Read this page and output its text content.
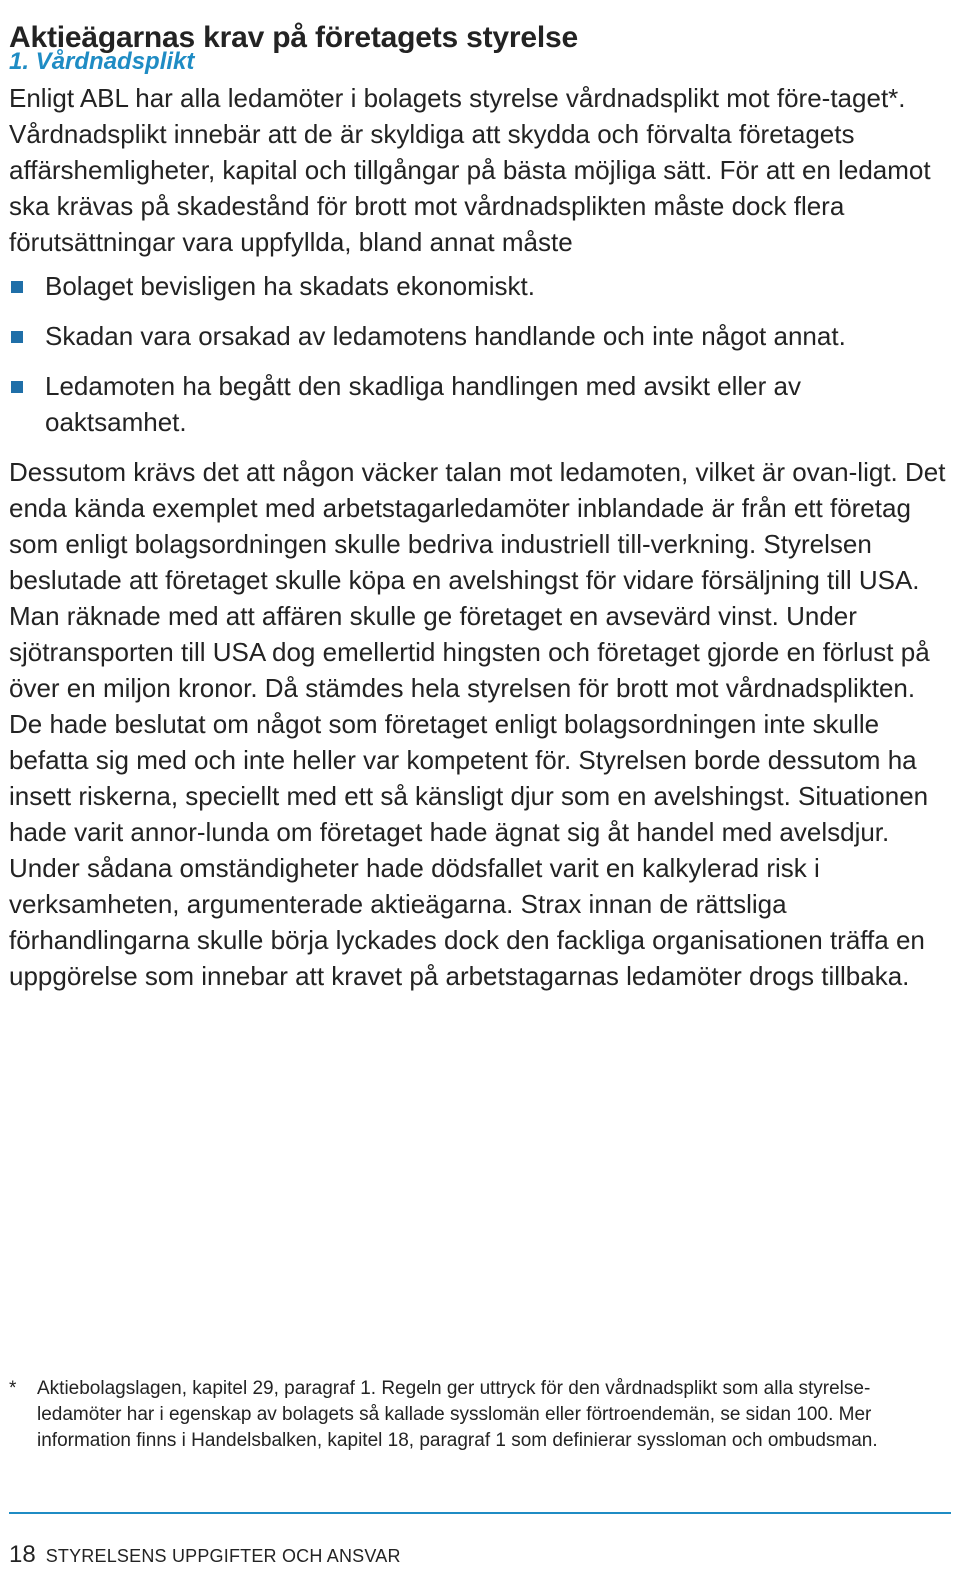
Aktieägarnas krav på företagets styrelse
1. Vårdnadsplikt
Enligt ABL har alla ledamöter i bolagets styrelse vårdnadsplikt mot före-taget*. Vårdnadsplikt innebär att de är skyldiga att skydda och förvalta företagets affärshemligheter, kapital och tillgångar på bästa möjliga sätt. För att en ledamot ska krävas på skadestånd för brott mot vårdnadsplikten måste dock flera förutsättningar vara uppfyllda, bland annat måste
Bolaget bevisligen ha skadats ekonomiskt.
Skadan vara orsakad av ledamotens handlande och inte något annat.
Ledamoten ha begått den skadliga handlingen med avsikt eller av oaktsamhet.
Dessutom krävs det att någon väcker talan mot ledamoten, vilket är ovan-ligt. Det enda kända exemplet med arbetstagarledamöter inblandade är från ett företag som enligt bolagsordningen skulle bedriva industriell till-verkning. Styrelsen beslutade att företaget skulle köpa en avelshingst för vidare försäljning till USA. Man räknade med att affären skulle ge företaget en avsevärd vinst. Under sjötransporten till USA dog emellertid hingsten och företaget gjorde en förlust på över en miljon kronor. Då stämdes hela styrelsen för brott mot vårdnadsplikten. De hade beslutat om något som företaget enligt bolagsordningen inte skulle befatta sig med och inte heller var kompetent för. Styrelsen borde dessutom ha insett riskerna, speciellt med ett så känsligt djur som en avelshingst. Situationen hade varit annor-lunda om företaget hade ägnat sig åt handel med avelsdjur. Under sådana omständigheter hade dödsfallet varit en kalkylerad risk i verksamheten, argumenterade aktieägarna. Strax innan de rättsliga förhandlingarna skulle börja lyckades dock den fackliga organisationen träffa en uppgörelse som innebar att kravet på arbetstagarnas ledamöter drogs tillbaka.
*	Aktiebolagslagen, kapitel 29, paragraf 1. Regeln ger uttryck för den vårdnadsplikt som alla styrelse-ledamöter har i egenskap av bolagets så kallade sysslomän eller förtroendemän, se sidan 100. Mer information finns i Handelsbalken, kapitel 18, paragraf 1 som definierar syssloman och ombudsman.
18 STYRELSENS UPPGIFTER OCH ANSVAR
